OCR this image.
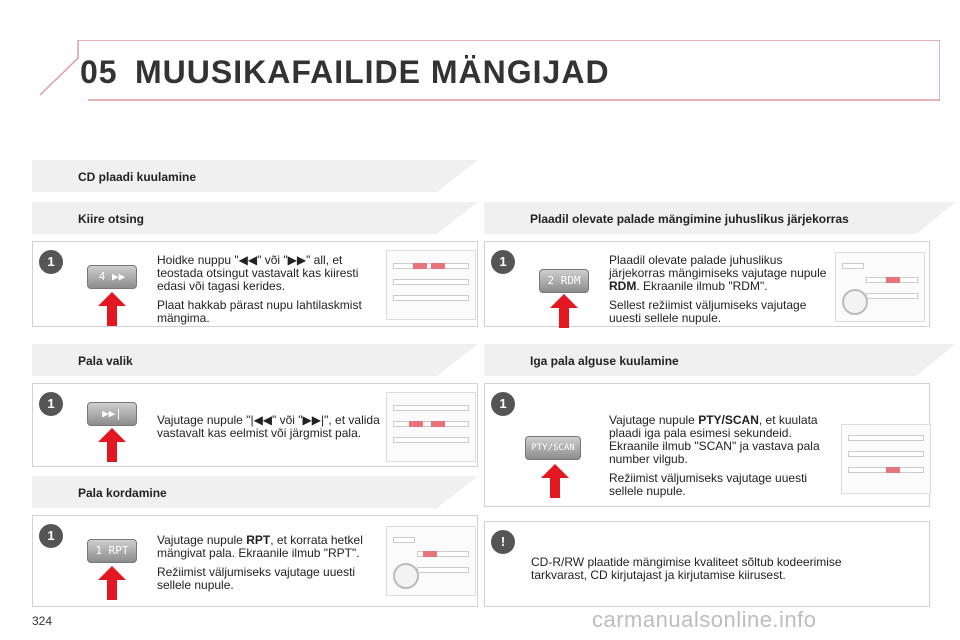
05 MUUSIKAFAILIDE MÄNGIJAD
CD plaadi kuulamine
Kiire otsing
1
4 ▶▶

Hoidke nuppu "◀◀" või "▶▶" all, et teostada otsingut vastavalt kas kiiresti edasi või tagasi kerides.

Plaat hakkab pärast nupu lahtilaskmist mängima.

Pala valik
1
▶▶|	Vajutage nupule "|◀◀" või "▶▶|", et valida vastavalt kas eelmist või järgmist pala.

Pala kordamine
1
1 RPT

Vajutage nupule RPT, et korrata hetkel mängivat pala. Ekraanile ilmub "RPT".

Režiimist väljumiseks vajutage uuesti sellele nupule.

Plaadil olevate palade mängimine juhuslikus järjekorras
1
2 RDM

Plaadil olevate palade juhuslikus järjekorras mängimiseks vajutage nupule RDM. Ekraanile ilmub "RDM".

Sellest režiimist väljumiseks vajutage uuesti sellele nupule.

Iga pala alguse kuulamine
1
PTY/SCAN

Vajutage nupule PTY/SCAN, et kuulata plaadi iga pala esimesi sekundeid. Ekraanile ilmub "SCAN" ja vastava pala number vilgub.

Režiimist väljumiseks vajutage uuesti sellele nupule.

!
CD-R/RW plaatide mängimise kvaliteet sõltub kodeerimise tarkvarast, CD kirjutajast ja kirjutamise kiirusest.
324	carmanualsonline.info
